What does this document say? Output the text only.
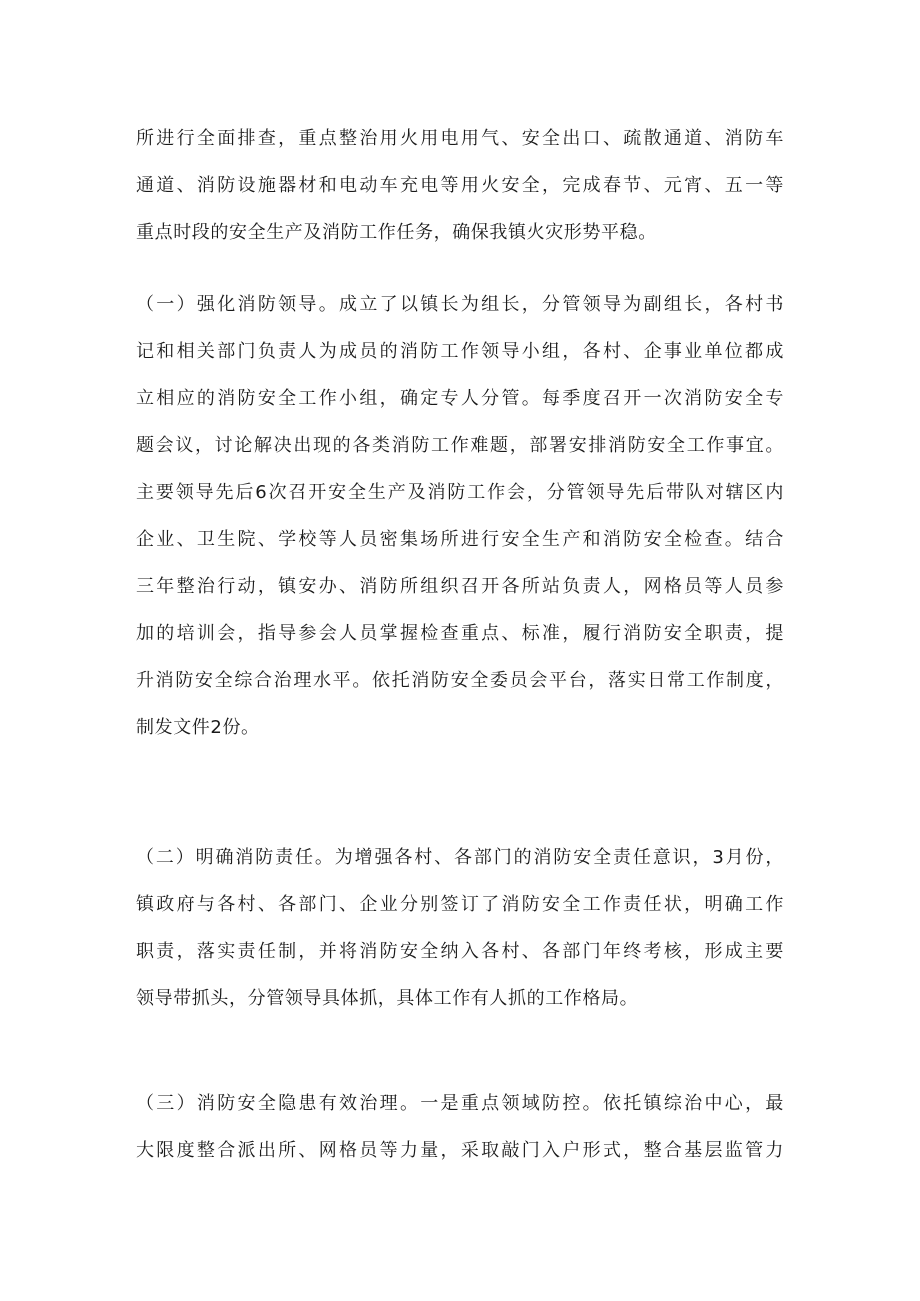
所进行全面排查，重点整治用火用电用气、安全出口、疏散通道、消防车
通道、消防设施器材和电动车充电等用火安全，完成春节、元宵、五一等
重点时段的安全生产及消防工作任务，确保我镇火灾形势平稳。
（一）强化消防领导。成立了以镇长为组长，分管领导为副组长，各村书
记和相关部门负责人为成员的消防工作领导小组，各村、企事业单位都成
立相应的消防安全工作小组，确定专人分管。每季度召开一次消防安全专
题会议，讨论解决出现的各类消防工作难题，部署安排消防安全工作事宜。
主要领导先后6次召开安全生产及消防工作会，分管领导先后带队对辖区内
企业、卫生院、学校等人员密集场所进行安全生产和消防安全检查。结合
三年整治行动，镇安办、消防所组织召开各所站负责人，网格员等人员参
加的培训会，指导参会人员掌握检查重点、标准，履行消防安全职责，提
升消防安全综合治理水平。依托消防安全委员会平台，落实日常工作制度，
制发文件2份。
（二）明确消防责任。为增强各村、各部门的消防安全责任意识，3月份，
镇政府与各村、各部门、企业分别签订了消防安全工作责任状，明确工作
职责，落实责任制，并将消防安全纳入各村、各部门年终考核，形成主要
领导带抓头，分管领导具体抓，具体工作有人抓的工作格局。
（三）消防安全隐患有效治理。一是重点领域防控。依托镇综治中心，最
大限度整合派出所、网格员等力量，采取敲门入户形式，整合基层监管力
